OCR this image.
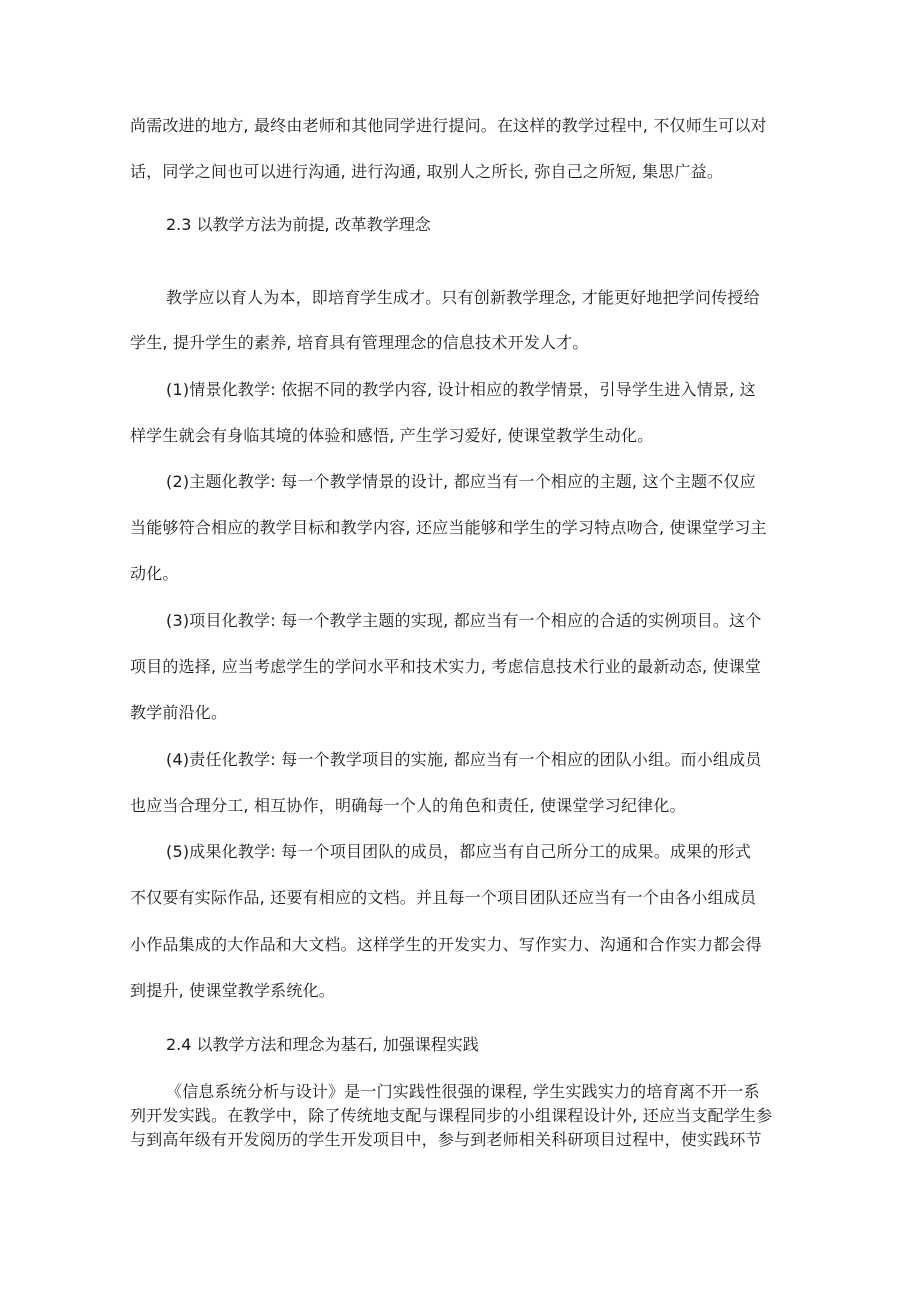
尚需改进的地方, 最终由老师和其他同学进行提问。在这样的教学过程中, 不仅师生可以对
话，同学之间也可以进行沟通, 进行沟通, 取别人之所长, 弥自己之所短, 集思广益。
2.3 以教学方法为前提, 改革教学理念
教学应以育人为本，即培育学生成才。只有创新教学理念, 才能更好地把学问传授给
学生, 提升学生的素养, 培育具有管理理念的信息技术开发人才。
(1)情景化教学: 依据不同的教学内容, 设计相应的教学情景，引导学生进入情景, 这
样学生就会有身临其境的体验和感悟, 产生学习爱好, 使课堂教学生动化。
(2)主题化教学: 每一个教学情景的设计, 都应当有一个相应的主题, 这个主题不仅应
当能够符合相应的教学目标和教学内容, 还应当能够和学生的学习特点吻合, 使课堂学习主
动化。
(3)项目化教学: 每一个教学主题的实现, 都应当有一个相应的合适的实例项目。这个
项目的选择, 应当考虑学生的学问水平和技术实力, 考虑信息技术行业的最新动态, 使课堂
教学前沿化。
(4)责任化教学: 每一个教学项目的实施, 都应当有一个相应的团队小组。而小组成员
也应当合理分工, 相互协作，明确每一个人的角色和责任, 使课堂学习纪律化。
(5)成果化教学: 每一个项目团队的成员，都应当有自己所分工的成果。成果的形式
不仅要有实际作品, 还要有相应的文档。并且每一个项目团队还应当有一个由各小组成员
小作品集成的大作品和大文档。这样学生的开发实力、写作实力、沟通和合作实力都会得
到提升, 使课堂教学系统化。
2.4 以教学方法和理念为基石, 加强课程实践
《信息系统分析与设计》是一门实践性很强的课程, 学生实践实力的培育离不开一系
列开发实践。在教学中，除了传统地支配与课程同步的小组课程设计外, 还应当支配学生参
与到高年级有开发阅历的学生开发项目中，参与到老师相关科研项目过程中，使实践环节
